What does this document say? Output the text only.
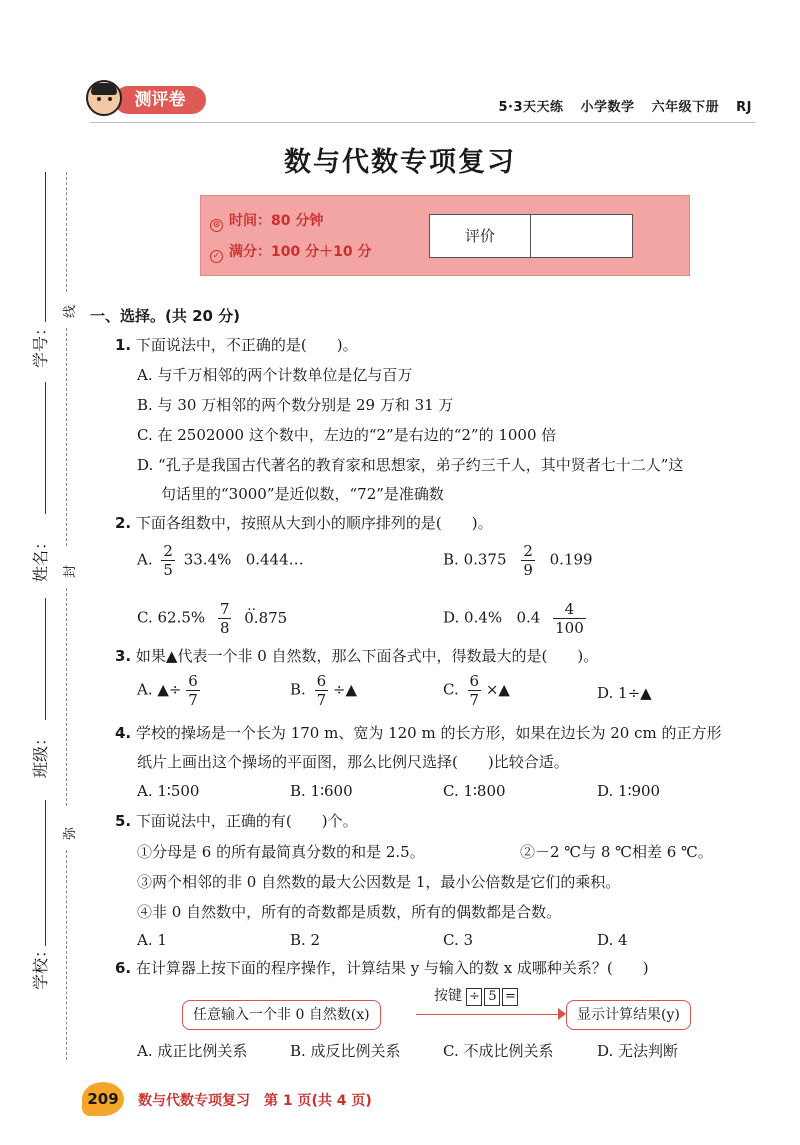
测评卷	5·3天天练 小学数学 六年级下册 RJ
数与代数专项复习
⊙ 时间：80 分钟
✓ 满分：100 分＋10 分
评价
学号：
姓名：
班级：
学校：
线
封
弥
一、选择。(共 20 分)
1. 下面说法中，不正确的是(　　)。
A. 与千万相邻的两个计数单位是亿与百万
B. 与 30 万相邻的两个数分别是 29 万和 31 万
C. 在 2502000 这个数中，左边的“2”是右边的“2”的 1000 倍
D. “孔子是我国古代著名的教育家和思想家，弟子约三千人，其中贤者七十二人”这
句话里的“3000”是近似数，“72”是准确数
2. 下面各组数中，按照从大到小的顺序排列的是(　　)。
A. $\frac{2}{5} 33.4\%$ 0.444…	B. $0.375 \frac{2}{9} 0.199$
C. $62.5\% \frac{7}{8}$
‥ 0.875	D. 0.4% $0.4 \frac{4}{100}$
3. 如果▲代表一个非 0 自然数，那么下面各式中，得数最大的是(　　)。
A. ▲÷ $\frac{6}{7}$	B. $\frac{6}{7}$ ÷▲	C. $\frac{6}{7}$ ×▲	D. 1÷▲
4. 学校的操场是一个长为 170 m、宽为 120 m 的长方形，如果在边长为 20 cm 的正方形
纸片上画出这个操场的平面图，那么比例尺选择(　　)比较合适。
A. 1∶500	B. 1∶600	C. 1∶800	D. 1∶900
5. 下面说法中，正确的有(　　)个。
①分母是 6 的所有最简真分数的和是 2.5。	②－2 ℃与 8 ℃相差 6 ℃。
③两个相邻的非 0 自然数的最大公因数是 1，最小公倍数是它们的乘积。
④非 0 自然数中，所有的奇数都是质数，所有的偶数都是合数。
A. 1	B. 2	C. 3	D. 4
6. 在计算器上按下面的程序操作，计算结果 y 与输入的数 x 成哪种关系？(　　)
按键 ÷ 5 =
任意输入一个非 0 自然数(x)	显示计算结果(y)
A. 成正比例关系	B. 成反比例关系	C. 不成比例关系	D. 无法判断
209	数与代数专项复习　第 1 页(共 4 页)
